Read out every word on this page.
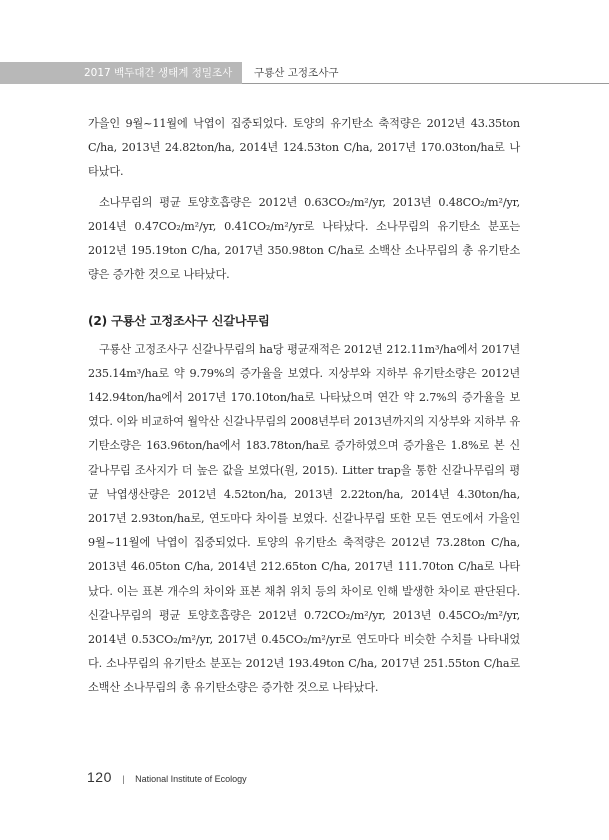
2017 백두대간 생태계 정밀조사	구룡산 고정조사구

가을인 9월~11월에 낙엽이 집중되었다. 토양의 유기탄소 축적량은 2012년 43.35ton C/ha, 2013년 24.82ton/ha, 2014년 124.53ton C/ha, 2017년 170.03ton/ha로 나타났다.

소나무림의 평균 토양호흡량은 2012년 0.63CO₂/m²/yr, 2013년 0.48CO₂/m²/yr, 2014년 0.47CO₂/m²/yr, 0.41CO₂/m²/yr로 나타났다. 소나무림의 유기탄소 분포는 2012년 195.19ton C/ha, 2017년 350.98ton C/ha로 소백산 소나무림의 총 유기탄소량은 증가한 것으로 나타났다.

(2) 구룡산 고정조사구 신갈나무림

구룡산 고정조사구 신갈나무림의 ha당 평균재적은 2012년 212.11m³/ha에서 2017년 235.14m³/ha로 약 9.79%의 증가율을 보였다. 지상부와 지하부 유기탄소량은 2012년 142.94ton/ha에서 2017년 170.10ton/ha로 나타났으며 연간 약 2.7%의 증가율을 보였다. 이와 비교하여 월악산 신갈나무림의 2008년부터 2013년까지의 지상부와 지하부 유기탄소량은 163.96ton/ha에서 183.78ton/ha로 증가하였으며 증가율은 1.8%로 본 신갈나무림 조사지가 더 높은 값을 보였다(원, 2015). Litter trap을 통한 신갈나무림의 평균 낙엽생산량은 2012년 4.52ton/ha, 2013년 2.22ton/ha, 2014년 4.30ton/ha, 2017년 2.93ton/ha로, 연도마다 차이를 보였다. 신갈나무림 또한 모든 연도에서 가을인 9월~11월에 낙엽이 집중되었다. 토양의 유기탄소 축적량은 2012년 73.28ton C/ha, 2013년 46.05ton C/ha, 2014년 212.65ton C/ha, 2017년 111.70ton C/ha로 나타났다. 이는 표본 개수의 차이와 표본 채취 위치 등의 차이로 인해 발생한 차이로 판단된다. 신갈나무림의 평균 토양호흡량은 2012년 0.72CO₂/m²/yr, 2013년 0.45CO₂/m²/yr, 2014년 0.53CO₂/m²/yr, 2017년 0.45CO₂/m²/yr로 연도마다 비슷한 수치를 나타내었다. 소나무림의 유기탄소 분포는 2012년 193.49ton C/ha, 2017년 251.55ton C/ha로 소백산 소나무림의 총 유기탄소량은 증가한 것으로 나타났다.

120 | National Institute of Ecology
